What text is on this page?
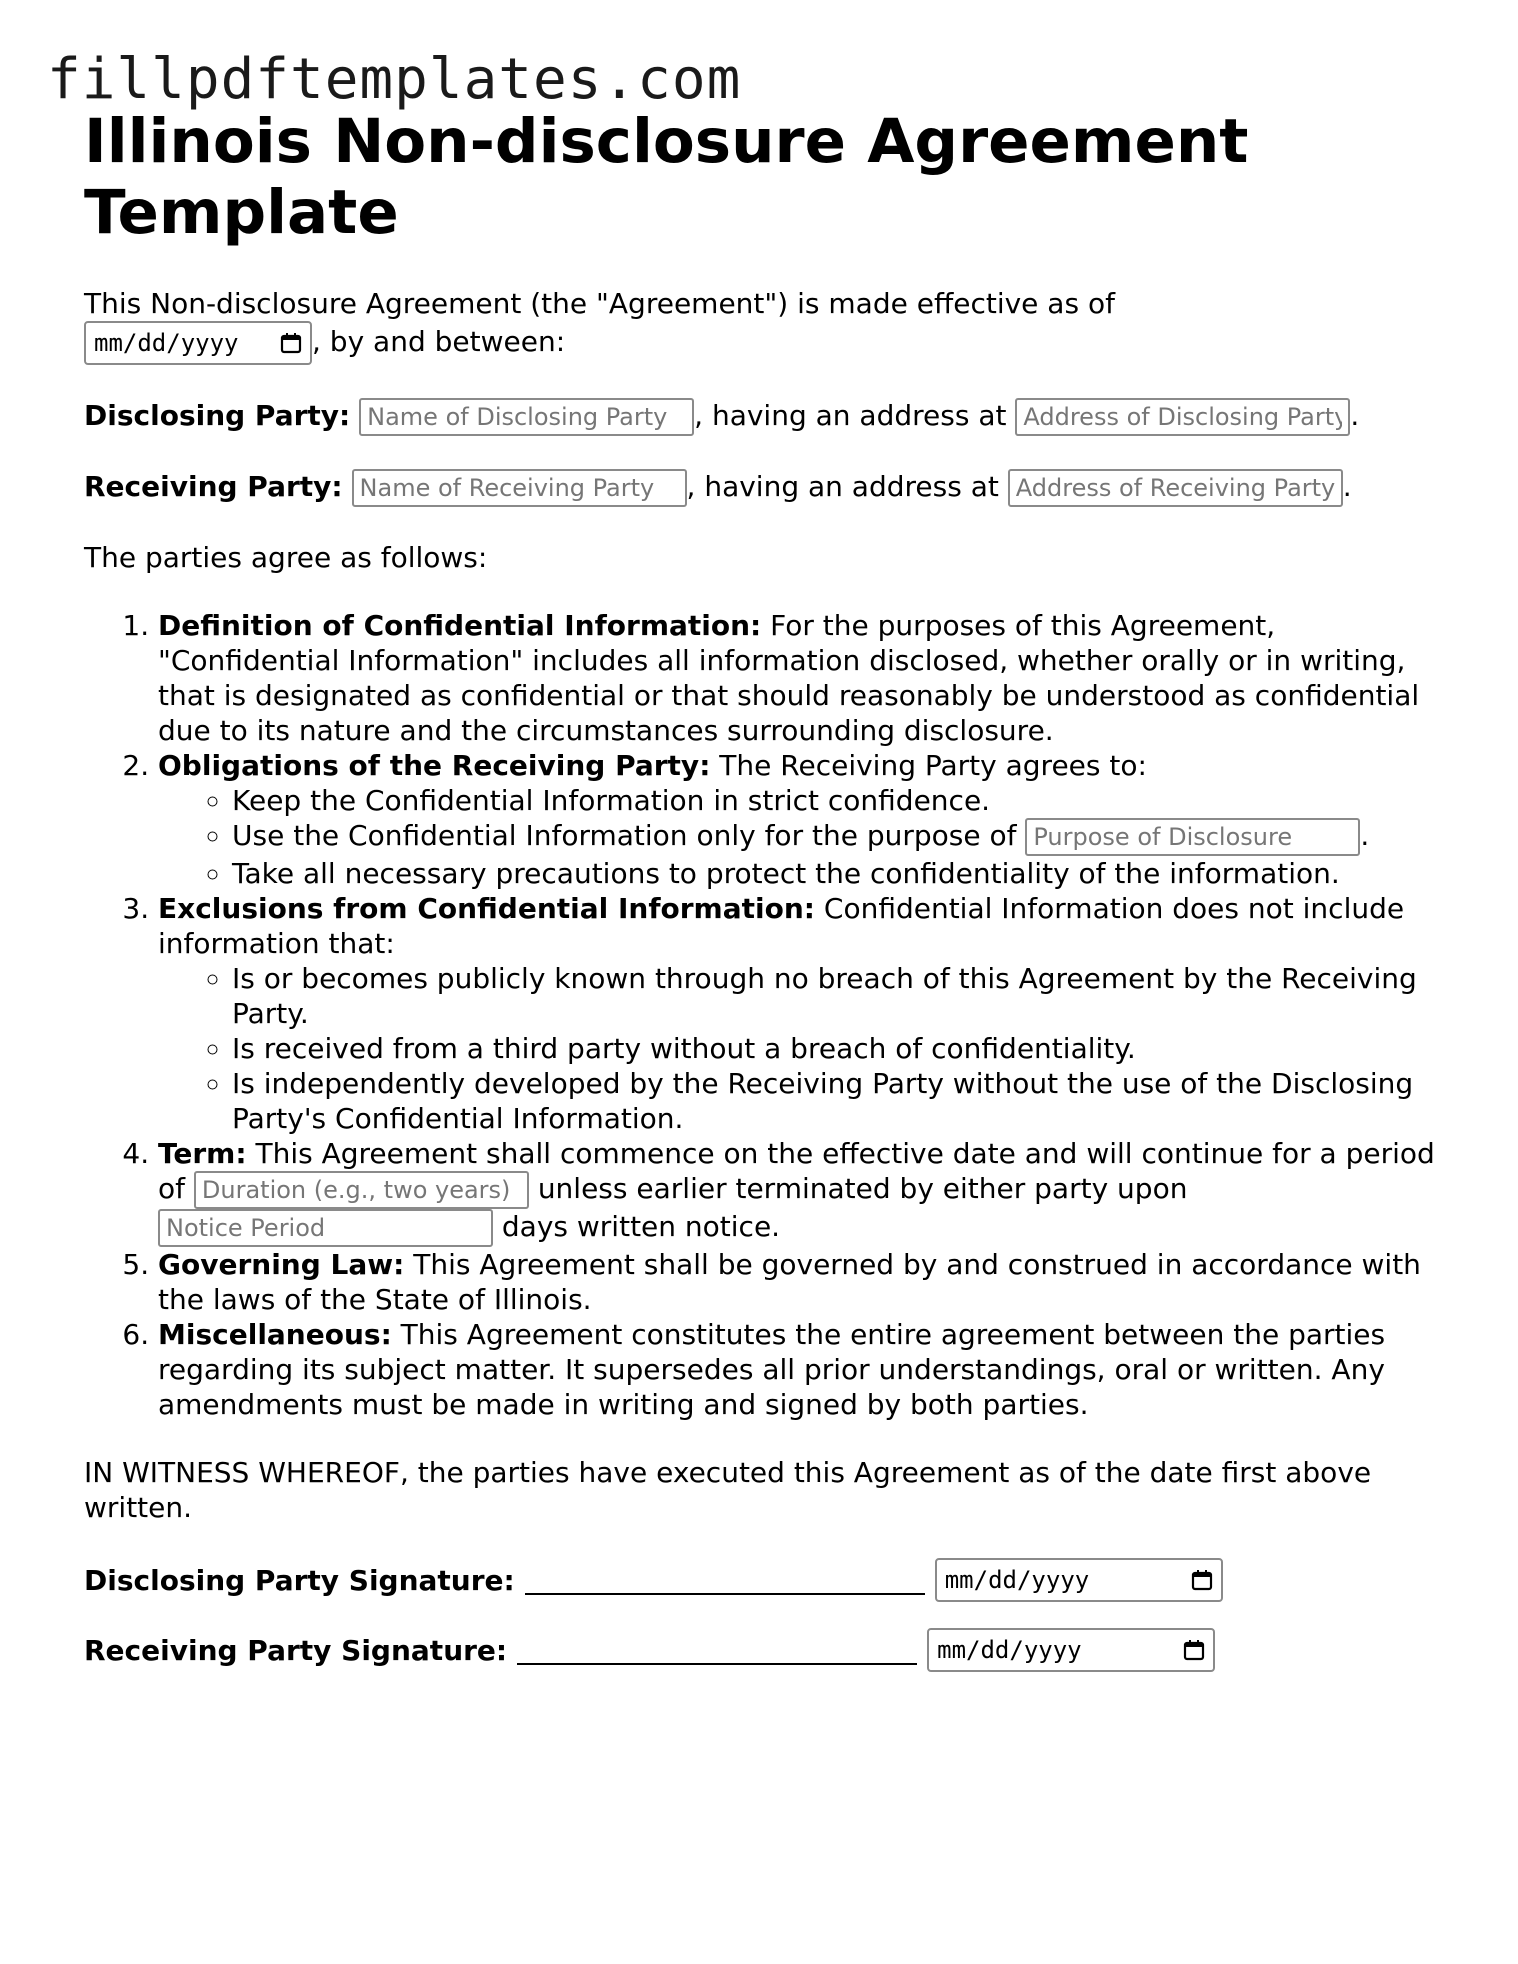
fillpdftemplates.com
Illinois Non-disclosure Agreement Template

This Non-disclosure Agreement (the "Agreement") is made effective as of

mm/dd/yyyy	, by and between:

Disclosing Party: Name of Disclosing Party	, having an address at Address of Disclosing Party	.

Receiving Party: Name of Receiving Party	, having an address at Address of Receiving Party	.

The parties agree as follows:

1. Definition of Confidential Information: For the purposes of this Agreement, "Confidential Information" includes all information disclosed, whether orally or in writing, that is designated as confidential or that should reasonably be understood as confidential due to its nature and the circumstances surrounding disclosure.
2. Obligations of the Receiving Party: The Receiving Party agrees to:
◦ Keep the Confidential Information in strict confidence.
◦ Use the Confidential Information only for the purpose of Purpose of Disclosure	.
◦ Take all necessary precautions to protect the confidentiality of the information.
3. Exclusions from Confidential Information: Confidential Information does not include information that:
◦ Is or becomes publicly known through no breach of this Agreement by the Receiving Party.
◦ Is received from a third party without a breach of confidentiality.
◦ Is independently developed by the Receiving Party without the use of the Disclosing Party's Confidential Information.
4. Term: This Agreement shall commence on the effective date and will continue for a period of Duration (e.g., two years)	unless earlier terminated by either party upon Notice Period days written notice.
5. Governing Law: This Agreement shall be governed by and construed in accordance with the laws of the State of Illinois.
6. Miscellaneous: This Agreement constitutes the entire agreement between the parties regarding its subject matter. It supersedes all prior understandings, oral or written. Any amendments must be made in writing and signed by both parties.

IN WITNESS WHEREOF, the parties have executed this Agreement as of the date first above written.

Disclosing Party Signature:	mm/dd/yyyy
Receiving Party Signature:	mm/dd/yyyy
